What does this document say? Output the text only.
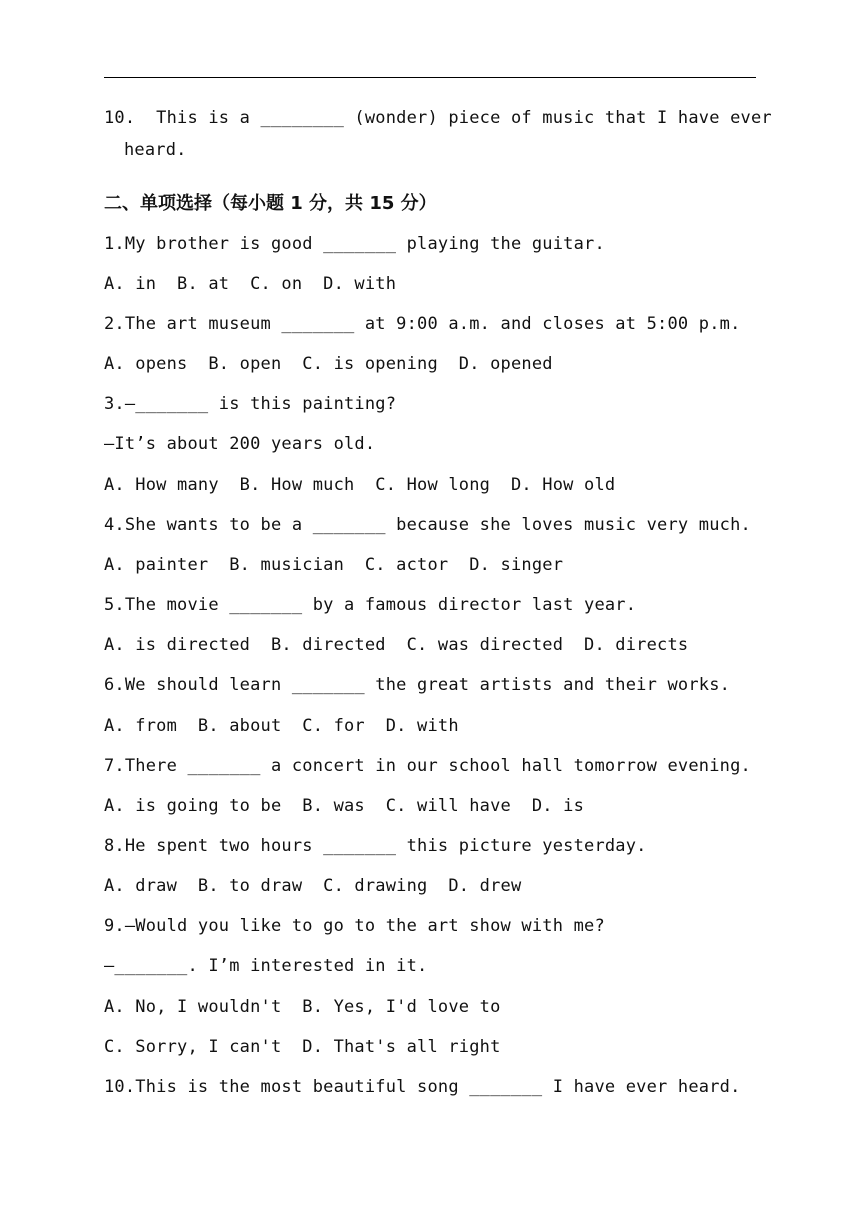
10.  This is a ________ (wonder) piece of music that I have ever
heard.
二、单项选择（每小题 1 分，共 15 分）
1.My brother is good _______ playing the guitar.
A. in  B. at  C. on  D. with
2.The art museum _______ at 9:00 a.m. and closes at 5:00 p.m.
A. opens  B. open  C. is opening  D. opened
3.—_______ is this painting?
—It’s about 200 years old.
A. How many  B. How much  C. How long  D. How old
4.She wants to be a _______ because she loves music very much.
A. painter  B. musician  C. actor  D. singer
5.The movie _______ by a famous director last year.
A. is directed  B. directed  C. was directed  D. directs
6.We should learn _______ the great artists and their works.
A. from  B. about  C. for  D. with
7.There _______ a concert in our school hall tomorrow evening.
A. is going to be  B. was  C. will have  D. is
8.He spent two hours _______ this picture yesterday.
A. draw  B. to draw  C. drawing  D. drew
9.—Would you like to go to the art show with me?
—_______. I’m interested in it.
A. No, I wouldn't  B. Yes, I'd love to
C. Sorry, I can't  D. That's all right
10.This is the most beautiful song _______ I have ever heard.
